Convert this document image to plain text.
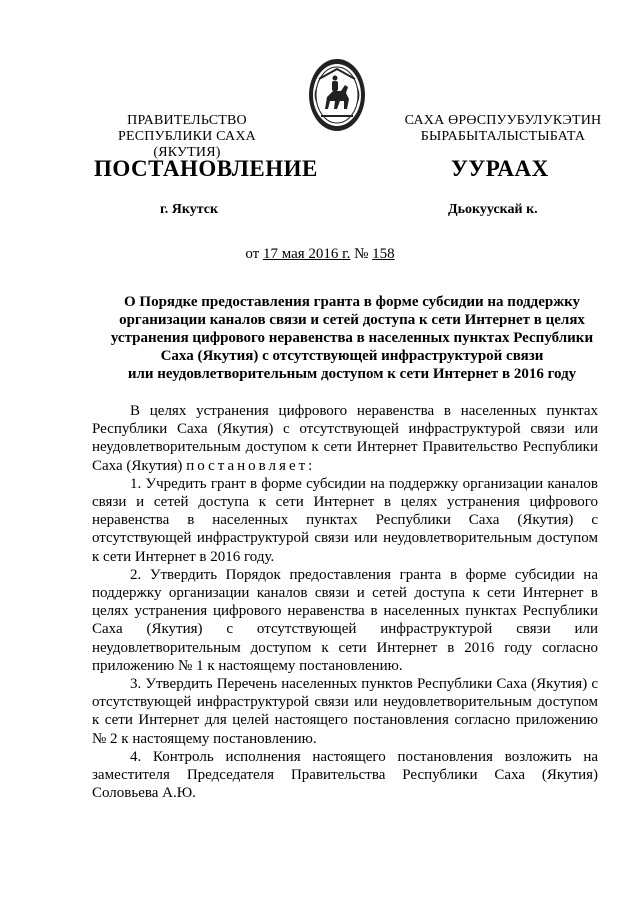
ПРАВИТЕЛЬСТВО
РЕСПУБЛИКИ САХА (ЯКУТИЯ)
САХА ӨРӨСПУУБУЛУКЭТИН
БЫРАБЫТАЛЫСТЫБАТА
ПОСТАНОВЛЕНИЕ	УУРААХ
г. Якутск	Дьокуускай к.
от 17 мая 2016 г. № 158
О Порядке предоставления гранта в форме субсидии на поддержку
организации каналов связи и сетей доступа к сети Интернет в целях
устранения цифрового неравенства в населенных пунктах Республики
Саха (Якутия) с отсутствующей инфраструктурой связи
или неудовлетворительным доступом к сети Интернет в 2016 году

В целях устранения цифрового неравенства в населенных пунктах Республики Саха (Якутия) с отсутствующей инфраструктурой связи или неудовлетворительным доступом к сети Интернет Правительство Республики Саха (Якутия) постановляет:

1. Учредить грант в форме субсидии на поддержку организации каналов связи и сетей доступа к сети Интернет в целях устранения цифрового неравенства в населенных пунктах Республики Саха (Якутия) с отсутствующей инфраструктурой связи или неудовлетворительным доступом к сети Интернет в 2016 году.

2. Утвердить Порядок предоставления гранта в форме субсидии на поддержку организации каналов связи и сетей доступа к сети Интернет в целях устранения цифрового неравенства в населенных пунктах Республики Саха (Якутия) с отсутствующей инфраструктурой связи или неудовлетворительным доступом к сети Интернет в 2016 году согласно приложению № 1 к настоящему постановлению.

3. Утвердить Перечень населенных пунктов Республики Саха (Якутия) с отсутствующей инфраструктурой связи или неудовлетворительным доступом к сети Интернет для целей настоящего постановления согласно приложению № 2 к настоящему постановлению.

4. Контроль исполнения настоящего постановления возложить на заместителя Председателя Правительства Республики Саха (Якутия) Соловьева А.Ю.
